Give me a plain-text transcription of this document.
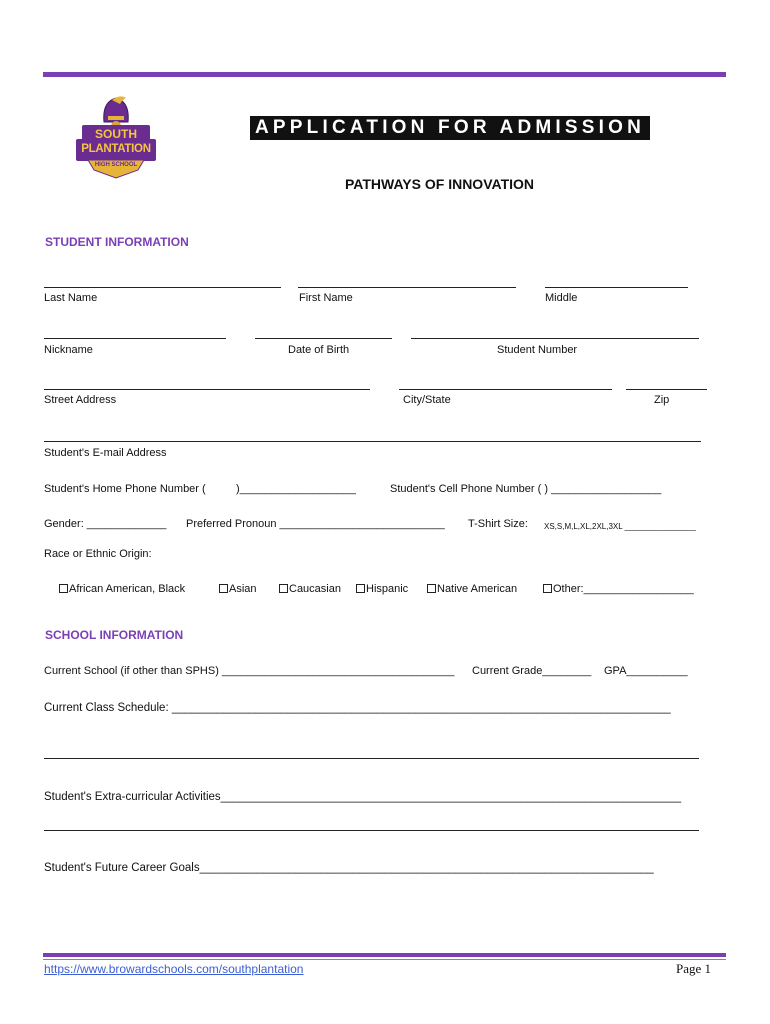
SOUTH
PLANTATION
HIGH SCHOOL
APPLICATION FOR ADMISSION
PATHWAYS OF INNOVATION
STUDENT INFORMATION
Last Name	First Name	Middle
Nickname	Date of Birth	Student Number
Street Address	City/State	Zip
Student's E-mail Address
Student's Home Phone Number (	)___________________	Student's Cell Phone Number ( ) __________________
Gender: _____________ Preferred Pronoun ___________________________ T-Shirt Size: XS,S,M,L,XL,2XL,3XL ________________
Race or Ethnic Origin:
African American, Black	Asian	Caucasian	Hispanic	Native American	Other:__________________
SCHOOL INFORMATION
Current School (if other than SPHS) ______________________________________ Current Grade________ GPA__________
Current Class Schedule: ______________________________________________________________________________
Student's Extra-curricular Activities________________________________________________________________________
Student's Future Career Goals_______________________________________________________________________
https://www.browardschools.com/southplantation	Page 1
